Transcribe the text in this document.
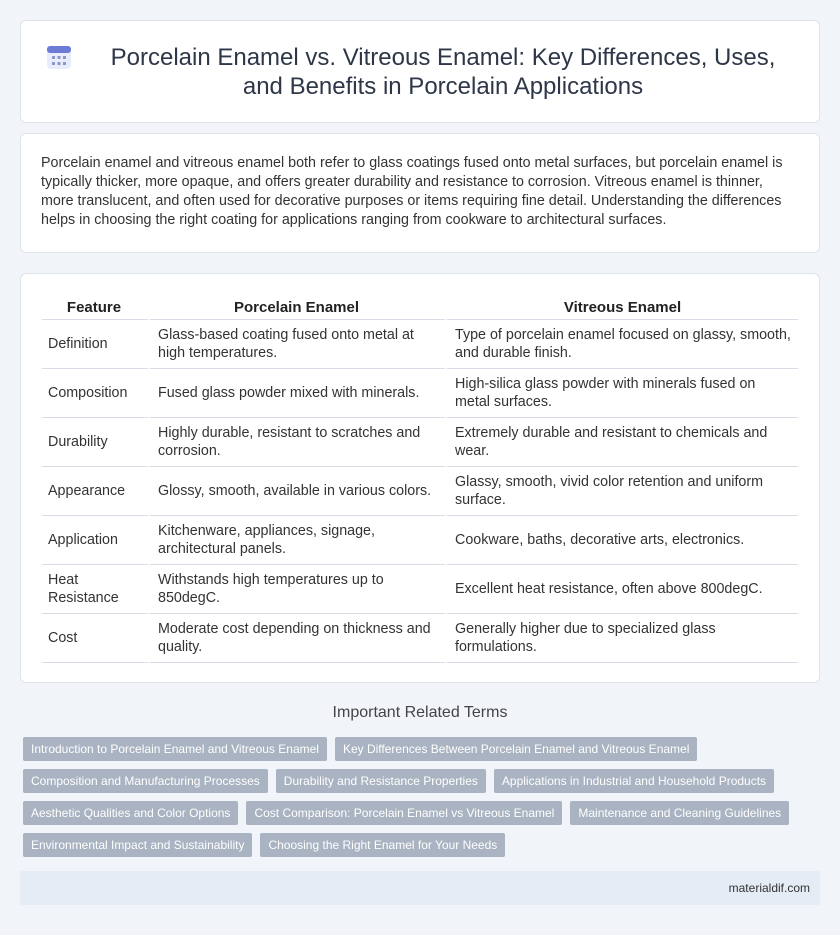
Porcelain Enamel vs. Vitreous Enamel: Key Differences, Uses, and Benefits in Porcelain Applications

Porcelain enamel and vitreous enamel both refer to glass coatings fused onto metal surfaces, but porcelain enamel is typically thicker, more opaque, and offers greater durability and resistance to corrosion. Vitreous enamel is thinner, more translucent, and often used for decorative purposes or items requiring fine detail. Understanding the differences helps in choosing the right coating for applications ranging from cookware to architectural surfaces.

Feature	Porcelain Enamel	Vitreous Enamel
Definition	Glass-based coating fused onto metal at high temperatures.	Type of porcelain enamel focused on glassy, smooth, and durable finish.
Composition	Fused glass powder mixed with minerals.	High-silica glass powder with minerals fused on metal surfaces.
Durability	Highly durable, resistant to scratches and corrosion.	Extremely durable and resistant to chemicals and wear.
Appearance	Glossy, smooth, available in various colors.	Glassy, smooth, vivid color retention and uniform surface.
Application	Kitchenware, appliances, signage, architectural panels.	Cookware, baths, decorative arts, electronics.
Heat Resistance	Withstands high temperatures up to 850degC.	Excellent heat resistance, often above 800degC.
Cost	Moderate cost depending on thickness and quality.	Generally higher due to specialized glass formulations.
Important Related Terms
Introduction to Porcelain Enamel and Vitreous Enamel	Key Differences Between Porcelain Enamel and Vitreous Enamel
Composition and Manufacturing Processes	Durability and Resistance Properties	Applications in Industrial and Household Products
Aesthetic Qualities and Color Options	Cost Comparison: Porcelain Enamel vs Vitreous Enamel	Maintenance and Cleaning Guidelines
Environmental Impact and Sustainability	Choosing the Right Enamel for Your Needs
materialdif.com
